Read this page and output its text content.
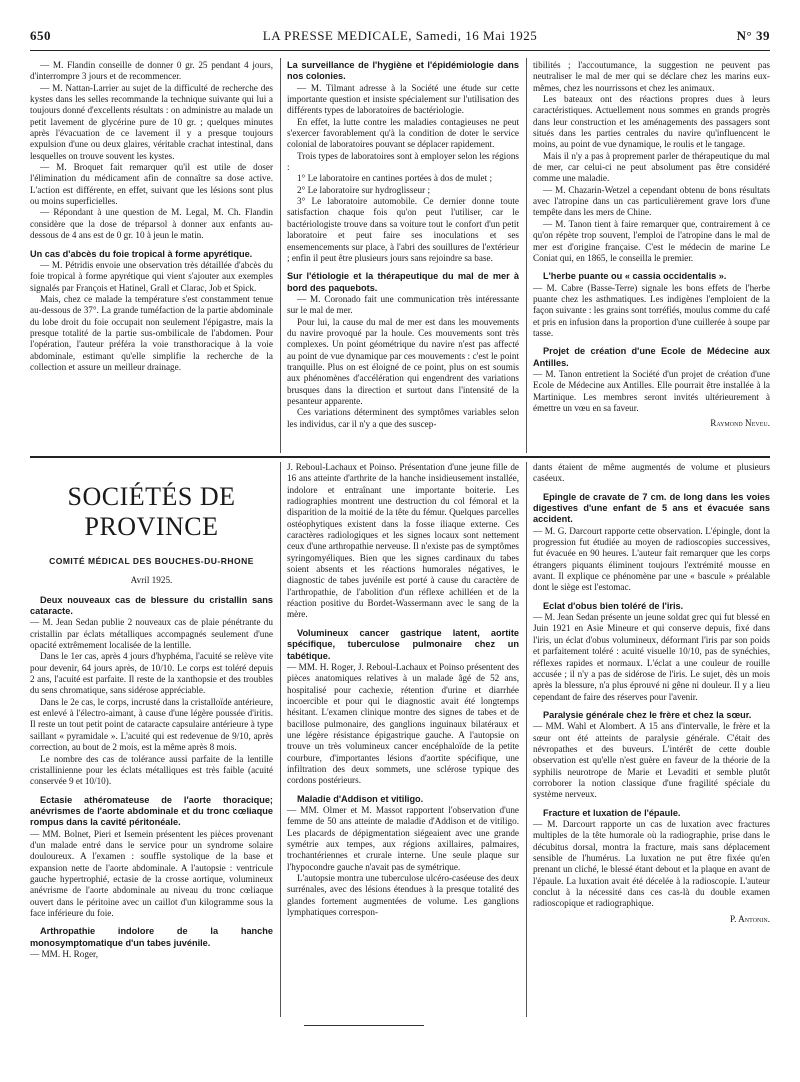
LA PRESSE MEDICALE, Samedi, 16 Mai 1925
650	N° 39

— M. Flandin conseille de donner 0 gr. 25 pendant 4 jours, d'interrompre 3 jours et de recommencer.

— M. Nattan-Larrier au sujet de la difficulté de recherche des kystes dans les selles recommande la technique suivante qui lui a toujours donné d'excellents résultats : on administre au malade un petit lavement de glycérine pure de 10 gr. ; quelques minutes après l'évacuation de ce lavement il y a presque toujours expulsion d'une ou deux glaires, véritable crachat intestinal, dans lesquelles on trouve souvent les kystes.

— M. Broquet fait remarquer qu'il est utile de doser l'élimination du médicament afin de connaître sa dose active. L'action est différente, en effet, suivant que les lésions sont plus ou moins superficielles.

— Répondant à une question de M. Legal, M. Ch. Flandin considère que la dose de tréparsol à donner aux enfants au-dessous de 4 ans est de 0 gr. 10 à jeun le matin.

Un cas d'abcès du foie tropical à forme apyrétique.

— M. Pétridis envoie une observation très détaillée d'abcès du foie tropical à forme apyrétique qui vient s'ajouter aux exemples signalés par François et Hatinel, Grall et Clarac, Job et Spick.

Mais, chez ce malade la température s'est constamment tenue au-dessous de 37°. La grande tuméfaction de la partie abdominale du lobe droit du foie occupait non seulement l'épigastre, mais la presque totalité de la partie sus-ombilicale de l'abdomen. Pour l'opération, l'auteur préféra la voie transthoracique à la voie abdominale, estimant qu'elle simplifie la recherche de la collection et assure un meilleur drainage.

La surveillance de l'hygiène et l'épidémiologie dans nos colonies.

— M. Tilmant adresse à la Société une étude sur cette importante question et insiste spécialement sur l'utilisation des différents types de laboratoires de bactériologie.

En effet, la lutte contre les maladies contagieuses ne peut s'exercer favorablement qu'à la condition de doter le service colonial de laboratoires pouvant se déplacer rapidement.

Trois types de laboratoires sont à employer selon les régions :

1° Le laboratoire en cantines portées à dos de mulet ;

2° Le laboratoire sur hydroglisseur ;

3° Le laboratoire automobile. Ce dernier donne toute satisfaction chaque fois qu'on peut l'utiliser, car le bactériologiste trouve dans sa voiture tout le confort d'un petit laboratoire et peut faire ses inoculations et ses ensemencements sur place, à l'abri des souillures de l'extérieur ; enfin il peut être plusieurs jours sans rejoindre sa base.

Sur l'étiologie et la thérapeutique du mal de mer à bord des paquebots.

— M. Coronado fait une communication très intéressante sur le mal de mer.

Pour lui, la cause du mal de mer est dans les mouvements du navire provoqué par la houle. Ces mouvements sont très complexes. Un point géométrique du navire n'est pas affecté au point de vue dynamique par ces mouvements : c'est le point tranquille. Plus on est éloigné de ce point, plus on est soumis aux phénomènes d'accélération qui engendrent des variations brusques dans la direction et surtout dans l'intensité de la pesanteur apparente.

Ces variations déterminent des symptômes variables selon les individus, car il n'y a que des suscep-

tibilités ; l'accoutumance, la suggestion ne peuvent pas neutraliser le mal de mer qui se déclare chez les marins eux-mêmes, chez les nourrissons et chez les animaux.

Les bateaux ont des réactions propres dues à leurs caractéristiques. Actuellement nous sommes en grands progrès dans leur construction et les aménagements des passagers sont situés dans les parties centrales du navire qu'influencent le moins, au point de vue dynamique, le roulis et le tangage.

Mais il n'y a pas à proprement parler de thérapeutique du mal de mer, car celui-ci ne peut absolument pas être considéré comme une maladie.

— M. Chazarin-Wetzel a cependant obtenu de bons résultats avec l'atropine dans un cas particulièrement grave lors d'une tempête dans les mers de Chine.

— M. Tanon tient à faire remarquer que, contrairement à ce qu'on répète trop souvent, l'emploi de l'atropine dans le mal de mer est d'origine française. C'est le médecin de marine Le Coniat qui, en 1865, le conseilla le premier.

L'herbe puante ou « cassia occidentalis ».

— M. Cabre (Basse-Terre) signale les bons effets de l'herbe puante chez les asthmatiques. Les indigènes l'emploient de la façon suivante : les grains sont torréfiés, moulus comme du café et pris en infusion dans la proportion d'une cuillerée à soupe par tasse.

Projet de création d'une Ecole de Médecine aux Antilles.

— M. Tanon entretient la Société d'un projet de création d'une Ecole de Médecine aux Antilles. Elle pourrait être installée à la Martinique. Les membres seront invités ultérieurement à émettre un vœu en sa faveur.

Raymond Neveu.
SOCIÉTÉS DE PROVINCE
COMITÉ MÉDICAL DES BOUCHES-DU-RHONE
Avril 1925.

Deux nouveaux cas de blessure du cristallin sans cataracte.

— M. Jean Sedan publie 2 nouveaux cas de plaie pénétrante du cristallin par éclats métalliques accompagnés seulement d'une opacité extrêmement localisée de la lentille.

Dans le 1er cas, après 4 jours d'hyphéma, l'acuité se relève vite pour devenir, 64 jours après, de 10/10. Le corps est toléré depuis 2 ans, l'acuité est parfaite. Il reste de la xanthopsie et des troubles du sens chromatique, sans sidérose appréciable.

Dans le 2e cas, le corps, incrusté dans la cristalloïde antérieure, est enlevé à l'électro-aimant, à cause d'une légère poussée d'iritis. Il reste un tout petit point de cataracte capsulaire antérieure à type saillant « pyramidale ». L'acuité qui est redevenue de 9/10, après correction, au bout de 2 mois, est la même après 8 mois.

Le nombre des cas de tolérance aussi parfaite de la lentille cristallinienne pour les éclats métalliques est très faible (acuité conservée 9 et 10/10).

Ectasie athéromateuse de l'aorte thoracique; anévrismes de l'aorte abdominale et du tronc cœliaque rompus dans la cavité péritonéale.

— MM. Bolnet, Pieri et Isemein présentent les pièces provenant d'un malade entré dans le service pour un syndrome solaire douloureux. A l'examen : souffle systolique de la base et expansion nette de l'aorte abdominale. A l'autopsie : ventricule gauche hypertrophié, ectasie de la crosse aortique, volumineux anévrisme de l'aorte abdominale au niveau du tronc cœliaque ouvert dans le péritoine avec un caillot d'un kilogramme sous la face inférieure du foie.

Arthropathie indolore de la hanche monosymptomatique d'un tabes juvénile.

— MM. H. Roger,

J. Reboul-Lachaux et Poinso. Présentation d'une jeune fille de 16 ans atteinte d'arthrite de la hanche insidieusement installée, indolore et entraînant une importante boiterie. Les radiographies montrent une destruction du col fémoral et la disparition de la moitié de la tête du fémur. Quelques parcelles ostéophytiques existent dans la fosse iliaque externe. Ces caractères radiologiques et les signes locaux sont nettement ceux d'une arthropathie nerveuse. Il n'existe pas de symptômes syringomyéliques. Bien que les signes cardinaux du tabes soient absents et les réactions humorales négatives, le diagnostic de tabes juvénile est porté à cause du caractère de l'arthropathie, de l'abolition d'un réflexe achilléen et de la réaction positive du Bordet-Wassermann avec le sang de la mère.

Volumineux cancer gastrique latent, aortite spécifique, tuberculose pulmonaire chez un tabétique.

— MM. H. Roger, J. Reboul-Lachaux et Poinso présentent des pièces anatomiques relatives à un malade âgé de 52 ans, hospitalisé pour cachexie, rétention d'urine et diarrhée incoercible et pour qui le diagnostic avait été longtemps hésitant. L'examen clinique montre des signes de tabes et de bacillose pulmonaire, des ganglions inguinaux bilatéraux et une légère résistance épigastrique gauche. A l'autopsie on trouve un très volumineux cancer encéphaloïde de la petite courbure, d'importantes lésions d'aortite spécifique, une infiltration des deux sommets, une sclérose typique des cordons postérieurs.

Maladie d'Addison et vitiligo.

— MM. Olmer et M. Massot rapportent l'observation d'une femme de 50 ans atteinte de maladie d'Addison et de vitiligo. Les placards de dépigmentation siégeaient avec une grande symétrie aux tempes, aux régions axillaires, palmaires, trochantériennes et crurale interne. Une seule plaque sur l'hypocondre gauche n'avait pas de symétrique.

L'autopsie montra une tuberculose ulcéro-caséeuse des deux surrénales, avec des lésions étendues à la presque totalité des glandes fortement augmentées de volume. Les ganglions lymphatiques correspon-

dants étaient de même augmentés de volume et plusieurs caséeux.

Epingle de cravate de 7 cm. de long dans les voies digestives d'une enfant de 5 ans et évacuée sans accident.

— M. G. Darcourt rapporte cette observation. L'épingle, dont la progression fut étudiée au moyen de radioscopies successives, fut évacuée en 90 heures. L'auteur fait remarquer que les corps étrangers piquants éliminent toujours l'extrémité mousse en avant. Il explique ce phénomène par une « bascule » préalable dont le siège est l'estomac.

Eclat d'obus bien toléré de l'iris.

— M. Jean Sedan présente un jeune soldat grec qui fut blessé en Juin 1921 en Asie Mineure et qui conserve depuis, fixé dans l'iris, un éclat d'obus volumineux, déformant l'iris par son poids et parfaitement toléré : acuité visuelle 10/10, pas de synéchies, réflexes rapides et normaux. L'éclat a une couleur de rouille accusée ; il n'y a pas de sidérose de l'iris. Le sujet, dès un mois après la blessure, n'a plus éprouvé ni gêne ni douleur. Il y a lieu cependant de faire des réserves pour l'avenir.

Paralysie générale chez le frère et chez la sœur.

— MM. Wahl et Alombert. A 15 ans d'intervalle, le frère et la sœur ont été atteints de paralysie générale. C'était des névropathes et des buveurs. L'intérêt de cette double observation est qu'elle n'est guère en faveur de la théorie de la syphilis neurotrope de Marie et Levaditi et semble plutôt corroborer la notion classique d'une fragilité spéciale du système nerveux.

Fracture et luxation de l'épaule.

— M. Darcourt rapporte un cas de luxation avec fractures multiples de la tête humorale où la radiographie, prise dans le décubitus dorsal, montra la fracture, mais sans déplacement sensible de l'humérus. La luxation ne put être fixée qu'en prenant un cliché, le blessé étant debout et la plaque en avant de l'épaule. La luxation avait été décelée à la radioscopie. L'auteur conclut à la nécessité dans ces cas-là du double examen radioscopique et radiographique.

P. Antonin.
